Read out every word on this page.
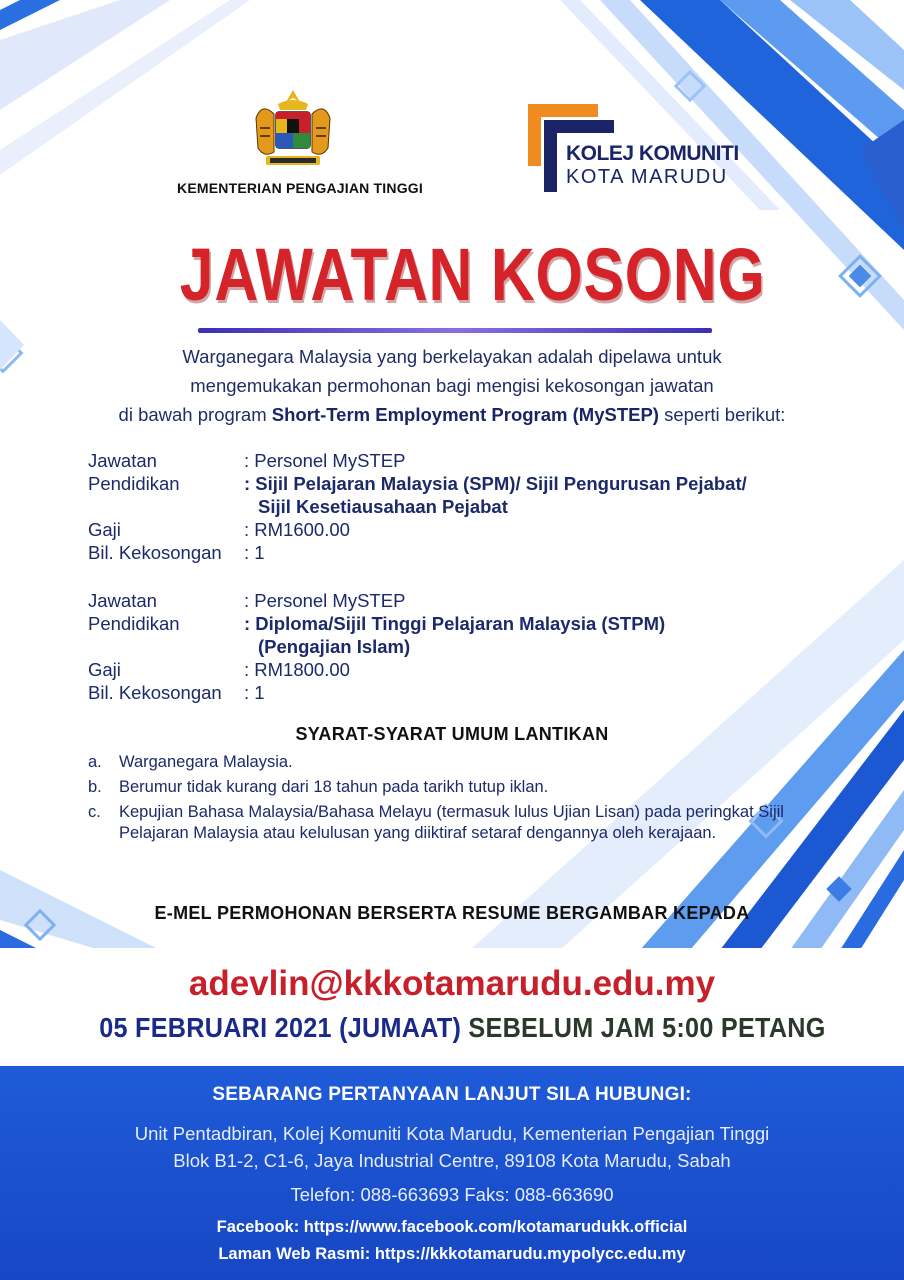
KEMENTERIAN PENGAJIAN TINGGI
KOLEJ KOMUNITI
KOTA MARUDU
JAWATAN KOSONG
Warganegara Malaysia yang berkelayakan adalah dipelawa untuk
mengemukakan permohonan bagi mengisi kekosongan jawatan
di bawah program Short-Term Employment Program (MySTEP) seperti berikut:
Jawatan	: Personel MySTEP
Pendidikan	: Sijil Pelajaran Malaysia (SPM)/ Sijil Pengurusan Pejabat/
Sijil Kesetiausahaan Pejabat
Gaji	: RM1600.00
Bil. Kekosongan	: 1
Jawatan	: Personel MySTEP
Pendidikan	: Diploma/Sijil Tinggi Pelajaran Malaysia (STPM)
(Pengajian Islam)
Gaji	: RM1800.00
Bil. Kekosongan	: 1
SYARAT-SYARAT UMUM LANTIKAN
a.	Warganegara Malaysia.
b.	Berumur tidak kurang dari 18 tahun pada tarikh tutup iklan.
c.	Kepujian Bahasa Malaysia/Bahasa Melayu (termasuk lulus Ujian Lisan) pada peringkat Sijil Pelajaran Malaysia atau kelulusan yang diiktiraf setaraf dengannya oleh kerajaan.
E-MEL PERMOHONAN BERSERTA RESUME BERGAMBAR KEPADA
adevlin@kkkotamarudu.edu.my
05 FEBRUARI 2021 (JUMAAT) SEBELUM JAM 5:00 PETANG
SEBARANG PERTANYAAN LANJUT SILA HUBUNGI:
Unit Pentadbiran, Kolej Komuniti Kota Marudu, Kementerian Pengajian Tinggi
Blok B1-2, C1-6, Jaya Industrial Centre, 89108 Kota Marudu, Sabah
Telefon: 088-663693 Faks: 088-663690
Facebook: https://www.facebook.com/kotamarudukk.official
Laman Web Rasmi: https://kkkotamarudu.mypolycc.edu.my
